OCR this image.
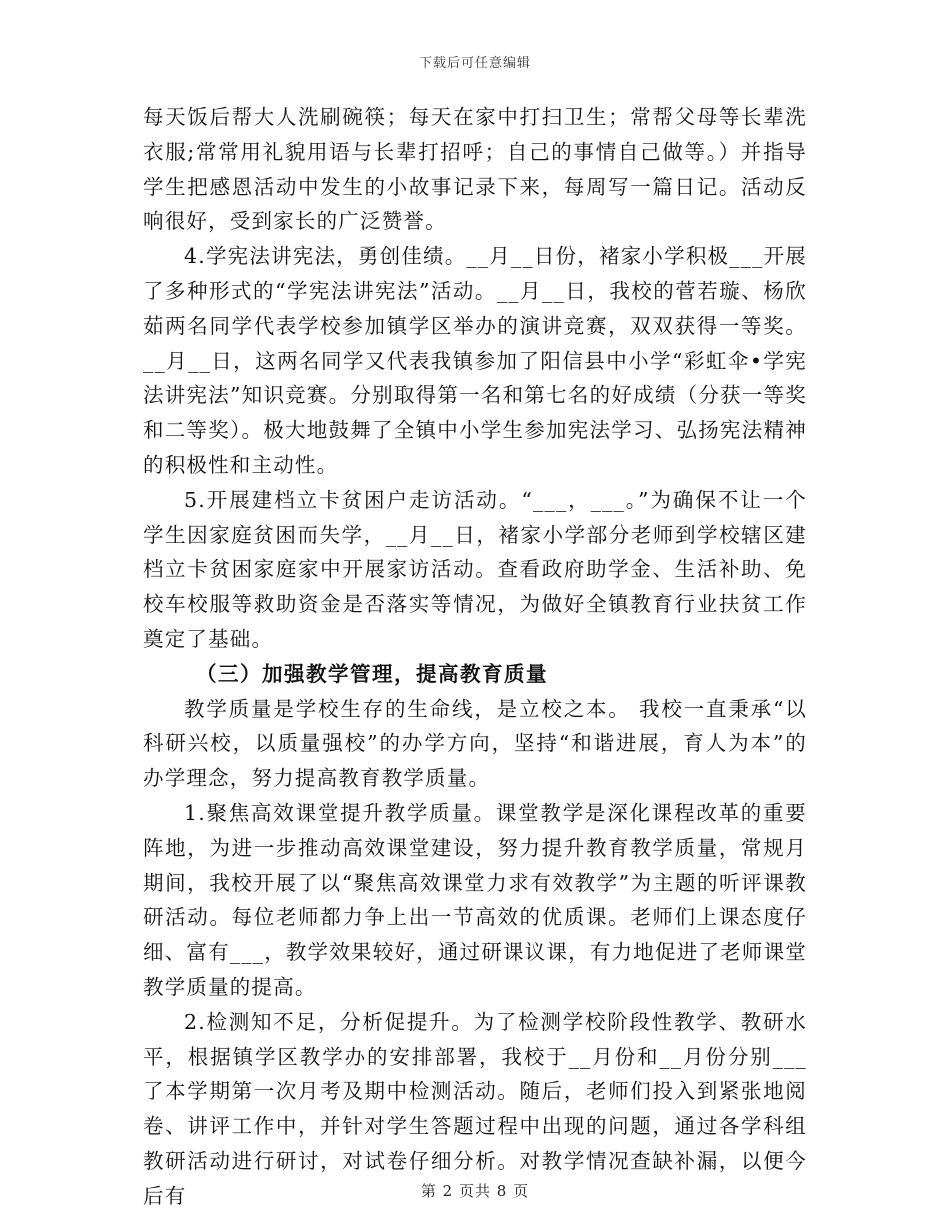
下载后可任意编辑

每天饭后帮大人洗刷碗筷；每天在家中打扫卫生；常帮父母等长辈洗衣服;常常用礼貌用语与长辈打招呼；自己的事情自己做等。）并指导学生把感恩活动中发生的小故事记录下来，每周写一篇日记。活动反响很好，受到家长的广泛赞誉。

4.学宪法讲宪法，勇创佳绩。__月__日份，褚家小学积极___开展了多种形式的“学宪法讲宪法”活动。__月__日，我校的菅若璇、杨欣茹两名同学代表学校参加镇学区举办的演讲竞赛，双双获得一等奖。__月__日，这两名同学又代表我镇参加了阳信县中小学“彩虹伞•学宪法讲宪法”知识竞赛。分别取得第一名和第七名的好成绩（分获一等奖和二等奖）。极大地鼓舞了全镇中小学生参加宪法学习、弘扬宪法精神的积极性和主动性。

5.开展建档立卡贫困户走访活动。“___，___。”为确保不让一个学生因家庭贫困而失学，__月__日，褚家小学部分老师到学校辖区建档立卡贫困家庭家中开展家访活动。查看政府助学金、生活补助、免校车校服等救助资金是否落实等情况，为做好全镇教育行业扶贫工作奠定了基础。

（三）加强教学管理，提高教育质量

教学质量是学校生存的生命线，是立校之本。 我校一直秉承“以科研兴校，以质量强校”的办学方向，坚持“和谐进展，育人为本”的办学理念，努力提高教育教学质量。

1.聚焦高效课堂提升教学质量。课堂教学是深化课程改革的重要阵地，为进一步推动高效课堂建设，努力提升教育教学质量，常规月期间，我校开展了以“聚焦高效课堂力求有效教学”为主题的听评课教研活动。每位老师都力争上出一节高效的优质课。老师们上课态度仔细、富有___，教学效果较好，通过研课议课，有力地促进了老师课堂教学质量的提高。

2.检测知不足，分析促提升。为了检测学校阶段性教学、教研水平，根据镇学区教学办的安排部署，我校于__月份和__月份分别___了本学期第一次月考及期中检测活动。随后，老师们投入到紧张地阅卷、讲评工作中，并针对学生答题过程中出现的问题，通过各学科组教研活动进行研讨，对试卷仔细分析。对教学情况查缺补漏，以便今后有	第 2 页共 8 页
